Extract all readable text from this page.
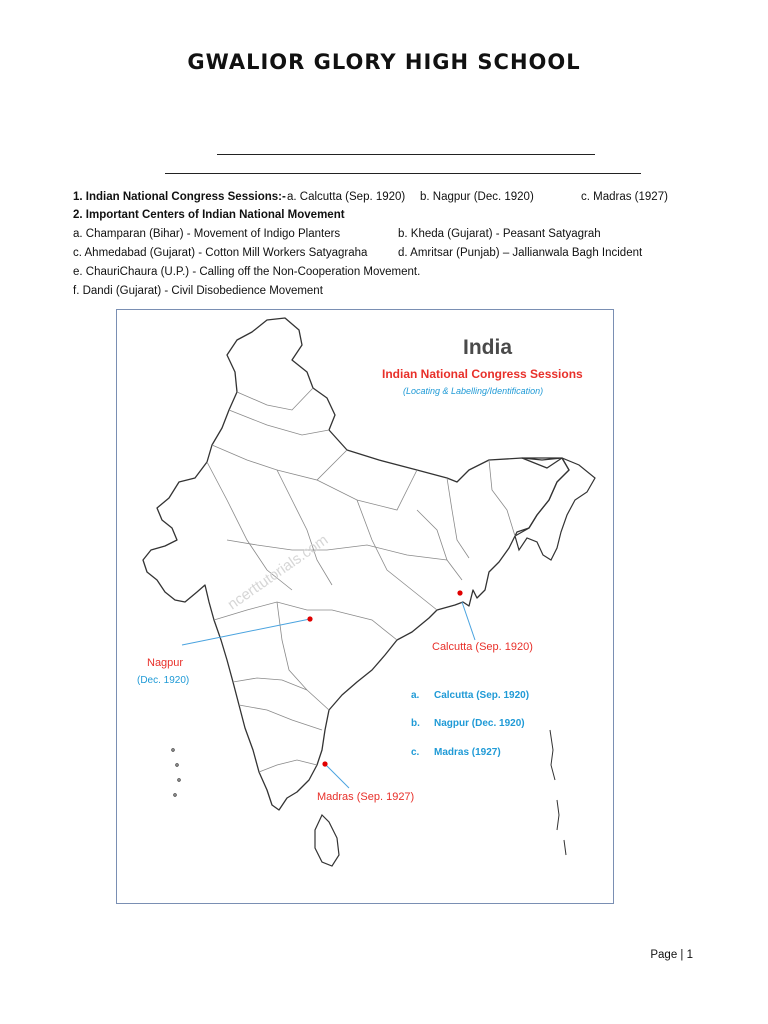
GWALIOR GLORY HIGH SCHOOL
1. Indian National Congress Sessions:- a. Calcutta (Sep. 1920) b. Nagpur (Dec. 1920)	c. Madras (1927)
2. Important Centers of Indian National Movement
a. Champaran (Bihar) - Movement of Indigo Planters	b. Kheda (Gujarat) - Peasant Satyagrah
c. Ahmedabad (Gujarat) - Cotton Mill Workers Satyagraha	d. Amritsar (Punjab) – Jallianwala Bagh Incident
e. ChauriChaura (U.P.) - Calling off the Non-Cooperation Movement.
f. Dandi (Gujarat) - Civil Disobedience Movement
India
Indian National Congress Sessions
(Locating & Labelling/Identification)
ncerttutorials.com
Nagpur
(Dec. 1920)
Calcutta (Sep. 1920)
Madras (Sep. 1927)
a. Calcutta (Sep. 1920)
b. Nagpur (Dec. 1920)
c. Madras (1927)
Page | 1
